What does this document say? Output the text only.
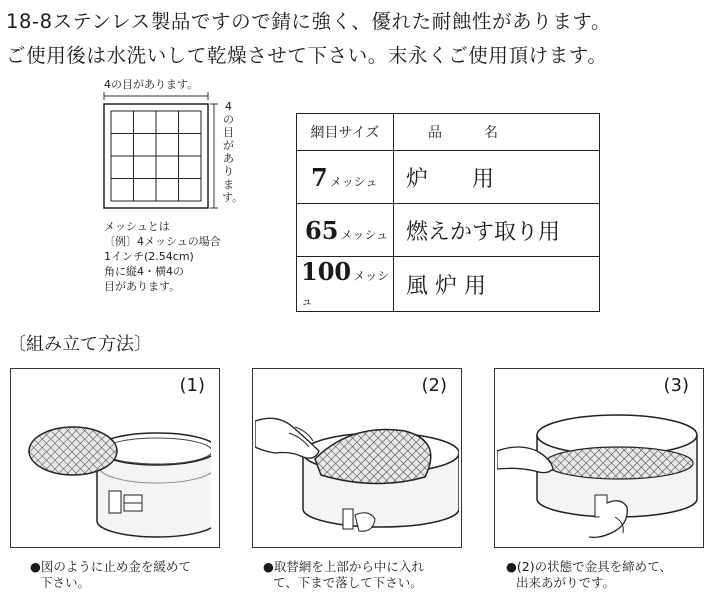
18-8ステンレス製品ですので錆に強く、優れた耐蝕性があります。
ご使用後は水洗いして乾燥させて下さい。末永くご使用頂けます。
4の目があります。
4の目があります。
メッシュとは
〔例〕4メッシュの場合
1インチ(2.54cm)
角に縦4・横4の
目があります。
網目サイズ	品　　　名
7 メッシュ	炉　　用
65 メッシュ	燃えかす取り用
100 メッシュ	風 炉 用
〔組み立て方法〕
(1)
●図のように止め金を緩めて
下さい。
(2)
●取替網を上部から中に入れ
て、下まで落して下さい。
(3)
●(2)の状態で金具を締めて、
出来あがりです。
